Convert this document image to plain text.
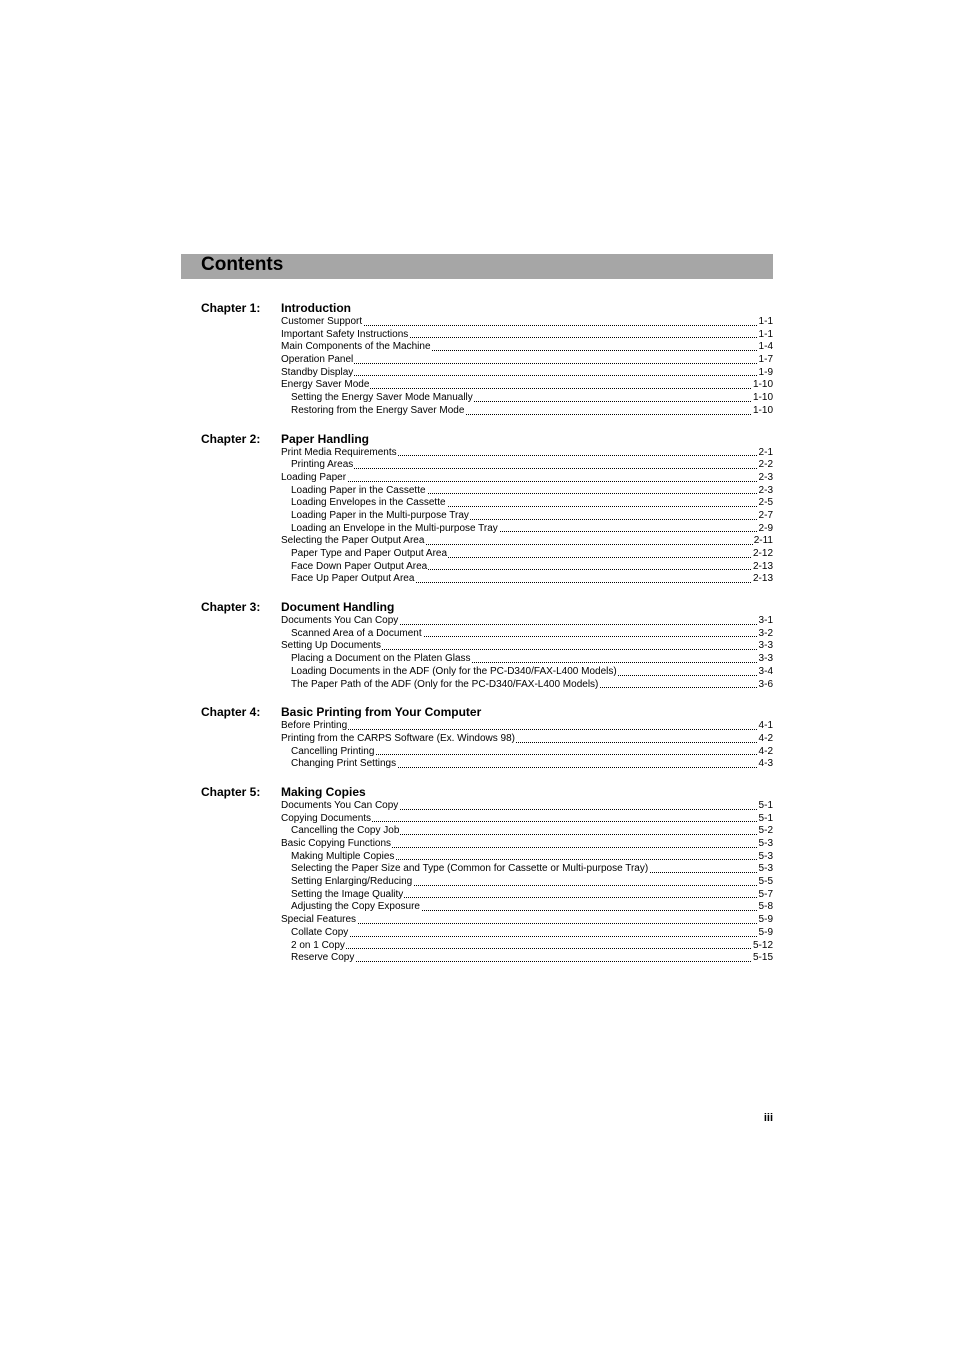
Contents
Chapter 1: Introduction
Customer Support	1-1
Important Safety Instructions	1-1
Main Components of the Machine	1-4
Operation Panel	1-7
Standby Display	1-9
Energy Saver Mode	1-10
Setting the Energy Saver Mode Manually	1-10
Restoring from the Energy Saver Mode	1-10
Chapter 2: Paper Handling
Print Media Requirements	2-1
Printing Areas	2-2
Loading Paper	2-3
Loading Paper in the Cassette	2-3
Loading Envelopes in the Cassette	2-5
Loading Paper in the Multi-purpose Tray	2-7
Loading an Envelope in the Multi-purpose Tray	2-9
Selecting the Paper Output Area	2-11
Paper Type and Paper Output Area	2-12
Face Down Paper Output Area	2-13
Face Up Paper Output Area	2-13
Chapter 3: Document Handling
Documents You Can Copy	3-1
Scanned Area of a Document	3-2
Setting Up Documents	3-3
Placing a Document on the Platen Glass	3-3
Loading Documents in the ADF (Only for the PC-D340/FAX-L400 Models)	3-4
The Paper Path of the ADF (Only for the PC-D340/FAX-L400 Models)	3-6
Chapter 4: Basic Printing from Your Computer
Before Printing	4-1
Printing from the CARPS Software (Ex. Windows 98)	4-2
Cancelling Printing	4-2
Changing Print Settings	4-3
Chapter 5: Making Copies
Documents You Can Copy	5-1
Copying Documents	5-1
Cancelling the Copy Job	5-2
Basic Copying Functions	5-3
Making Multiple Copies	5-3
Selecting the Paper Size and Type (Common for Cassette or Multi-purpose Tray)	5-3
Setting Enlarging/Reducing	5-5
Setting the Image Quality	5-7
Adjusting the Copy Exposure	5-8
Special Features	5-9
Collate Copy	5-9
2 on 1 Copy	5-12
Reserve Copy	5-15
iii
